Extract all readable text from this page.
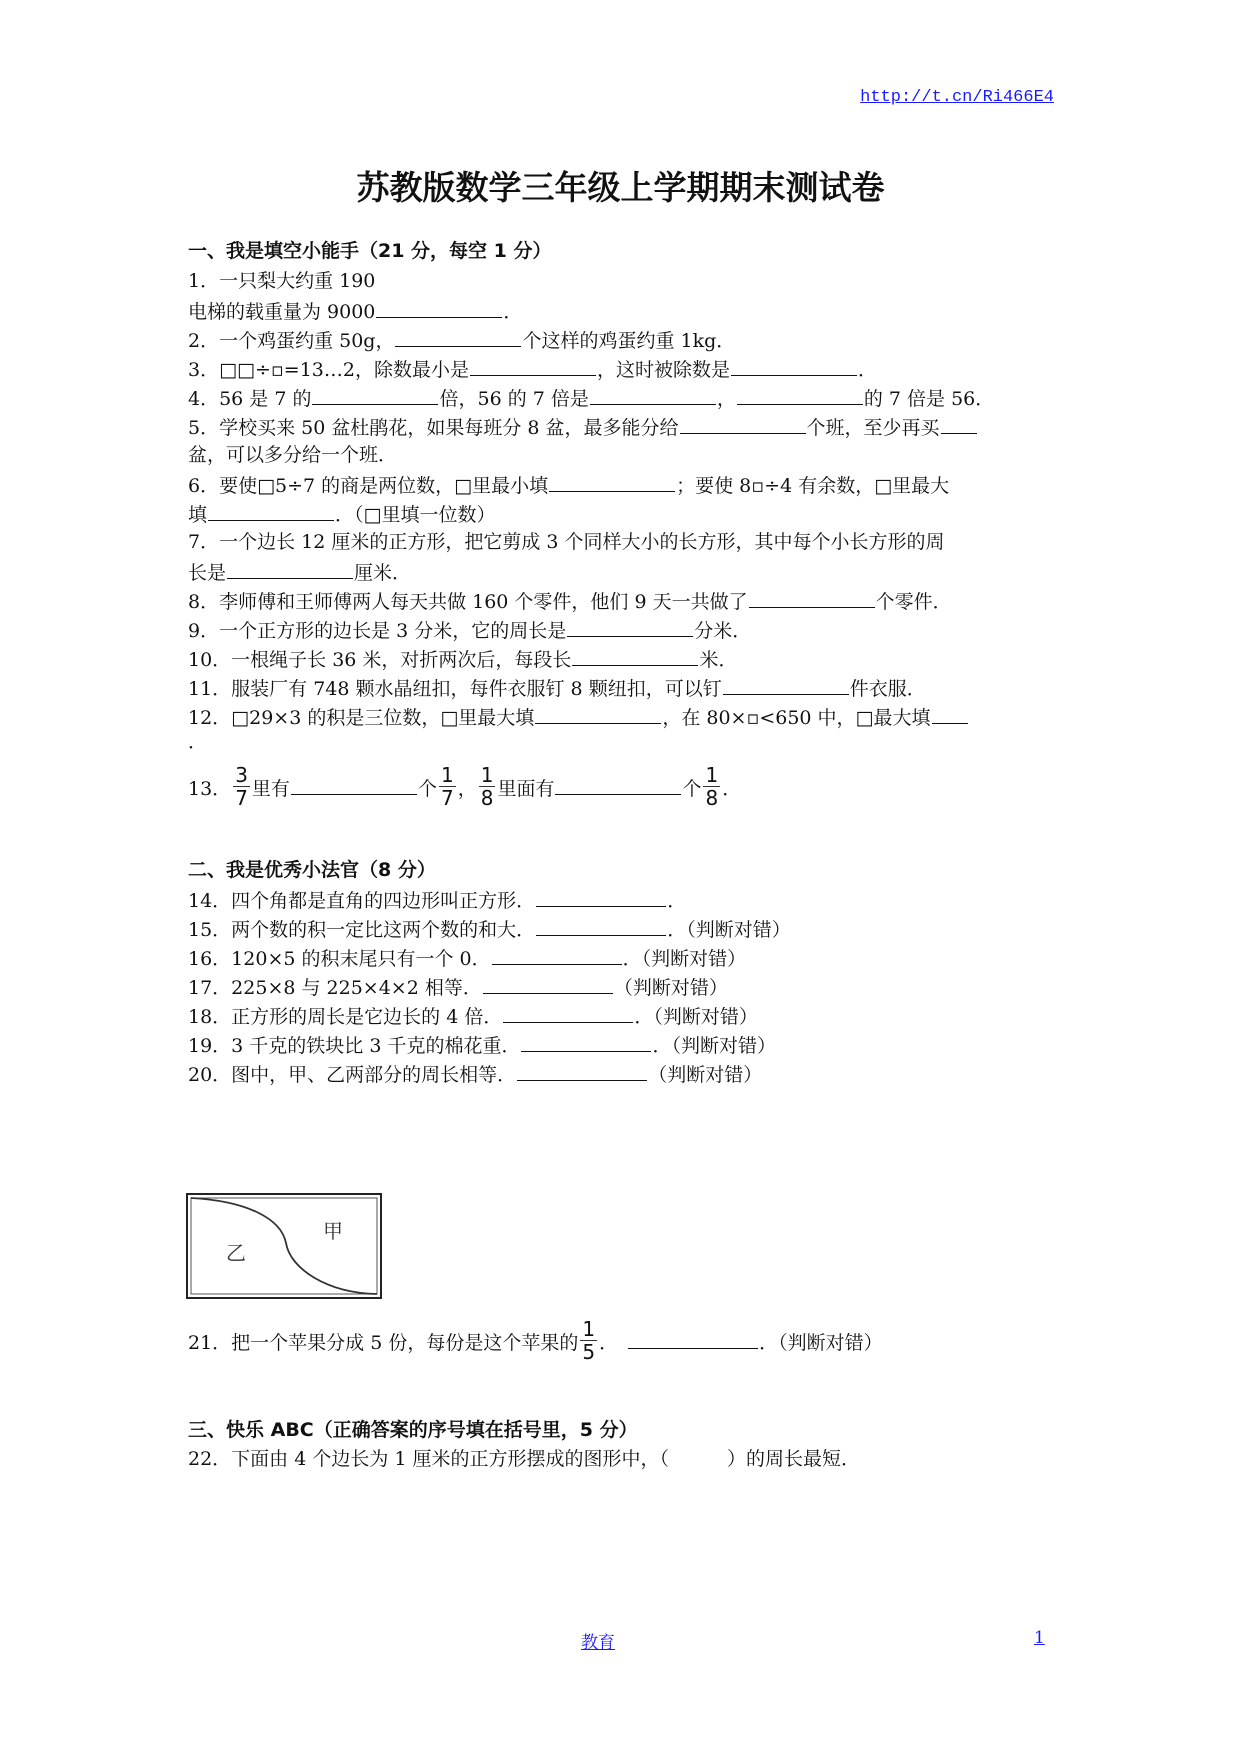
http://t.cn/Ri466E4
苏教版数学三年级上学期期末测试卷
一、我是填空小能手（21 分，每空 1 分）
1．一只梨大约重 190
电梯的载重量为 9000	．
2．一个鸡蛋约重 50g，	个这样的鸡蛋约重 1kg．
3．□□÷▫=13…2，除数最小是	，这时被除数是	．
4．56 是 7 的	倍，56 的 7 倍是	，	的 7 倍是 56．
5．学校买来 50 盆杜鹃花，如果每班分 8 盆，最多能分给	个班，至少再买
盆，可以多分给一个班．
6．要使□5÷7 的商是两位数，□里最小填	；要使 8▫÷4 有余数，□里最大
填	．（□里填一位数）
7．一个边长 12 厘米的正方形，把它剪成 3 个同样大小的长方形，其中每个小长方形的周
长是	厘米．
8．李师傅和王师傅两人每天共做 160 个零件，他们 9 天一共做了	个零件．
9．一个正方形的边长是 3 分米，它的周长是	分米．
10．一根绳子长 36 米，对折两次后，每段长	米．
11．服装厂有 748 颗水晶纽扣，每件衣服钉 8 颗纽扣，可以钉	件衣服．
12．□29×3 的积是三位数，□里最大填	，在 80×▫<650 中，□最大填
．
13． $\frac{3}{7}$ 里有	个 $\frac{1}{7}$ ， $\frac{1}{8}$ 里面有	个 $\frac{1}{8}$ ．
二、我是优秀小法官（8 分）
14．四个角都是直角的四边形叫正方形．	．
15．两个数的积一定比这两个数的和大．	．（判断对错）
16．120×5 的积末尾只有一个 0．	．（判断对错）
17．225×8 与 225×4×2 相等．	（判断对错）
18．正方形的周长是它边长的 4 倍．	．（判断对错）
19．3 千克的铁块比 3 千克的棉花重．	．（判断对错）
20．图中，甲、乙两部分的周长相等．	（判断对错）
21．把一个苹果分成 5 份，每份是这个苹果的 $\frac{1}{5}$ ．	．（判断对错）
三、快乐 ABC（正确答案的序号填在括号里，5 分）
22．下面由 4 个边长为 1 厘米的正方形摆成的图形中，（	）的周长最短．
乙
甲
教育	1
